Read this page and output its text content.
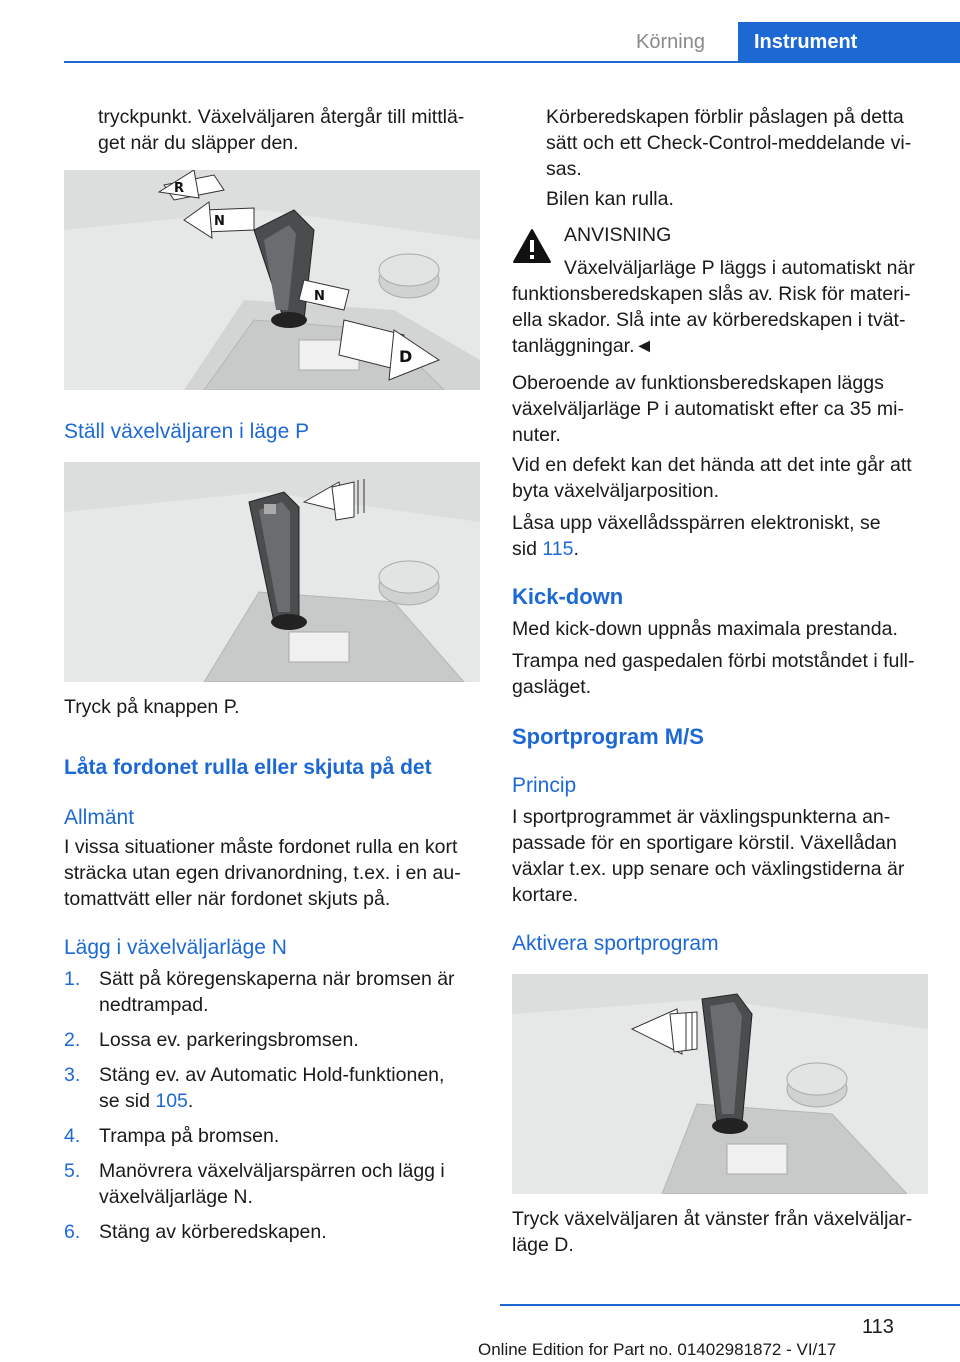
Körning	Instrument
tryckpunkt. Växelväljaren återgår till mittlä-
get när du släpper den.
R
N
N
D
Ställ växelväljaren i läge P
Tryck på knappen P.
Låta fordonet rulla eller skjuta på det
Allmänt
I vissa situationer måste fordonet rulla en kort
sträcka utan egen drivanordning, t.ex. i en au-
tomattvätt eller när fordonet skjuts på.
Lägg i växelväljarläge N
1. Sätt på köregenskaperna när bromsen är
nedtrampad.
2. Lossa ev. parkeringsbromsen.
3. Stäng ev. av Automatic Hold-funktionen,
se sid 105.
4. Trampa på bromsen.
5. Manövrera växelväljarspärren och lägg i
växelväljarläge N.
6. Stäng av körberedskapen.
Körberedskapen förblir påslagen på detta
sätt och ett Check-Control-meddelande vi-
sas.
Bilen kan rulla.
ANVISNING
Växelväljarläge P läggs i automatiskt när
funktionsberedskapen slås av. Risk för materi-
ella skador. Slå inte av körberedskapen i tvät-
tanläggningar.◄
Oberoende av funktionsberedskapen läggs
växelväljarläge P i automatiskt efter ca 35 mi-
nuter.
Vid en defekt kan det hända att det inte går att
byta växelväljarposition.
Låsa upp växellådsspärren elektroniskt, se
sid 115.
Kick-down
Med kick-down uppnås maximala prestanda.
Trampa ned gaspedalen förbi motståndet i full-
gasläget.
Sportprogram M/S
Princip
I sportprogrammet är växlingspunkterna an-
passade för en sportigare körstil. Växellådan
växlar t.ex. upp senare och växlingstiderna är
kortare.
Aktivera sportprogram
Tryck växelväljaren åt vänster från växelväljar-
läge D.
113
Online Edition for Part no. 01402981872 - VI/17
